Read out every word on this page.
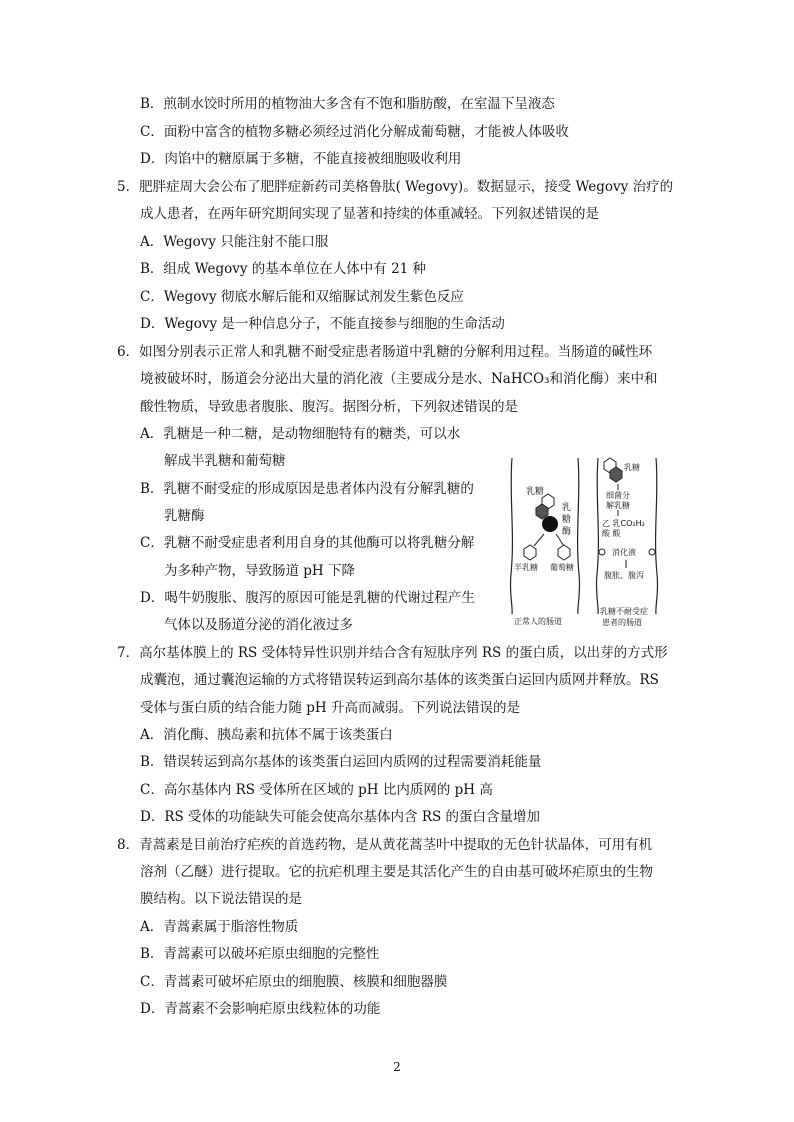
B．煎制水饺时所用的植物油大多含有不饱和脂肪酸，在室温下呈液态
C．面粉中富含的植物多糖必须经过消化分解成葡萄糖，才能被人体吸收
D．肉馅中的糖原属于多糖，不能直接被细胞吸收利用
5．肥胖症周大会公布了肥胖症新药司美格鲁肽( Wegovy)。数据显示，接受 Wegovy 治疗的
成人患者，在两年研究期间实现了显著和持续的体重减轻。下列叙述错误的是
A．Wegovy 只能注射不能口服
B．组成 Wegovy 的基本单位在人体中有 21 种
C．Wegovy 彻底水解后能和双缩脲试剂发生紫色反应
D．Wegovy 是一种信息分子，不能直接参与细胞的生命活动
6．如图分别表示正常人和乳糖不耐受症患者肠道中乳糖的分解利用过程。当肠道的碱性环
境被破坏时，肠道会分泌出大量的消化液（主要成分是水、NaHCO₃和消化酶）来中和
酸性物质，导致患者腹胀、腹泻。据图分析，下列叙述错误的是
A．乳糖是一种二糖，是动物细胞特有的糖类，可以水
解成半乳糖和葡萄糖
B．乳糖不耐受症的形成原因是患者体内没有分解乳糖的
乳糖酶
C．乳糖不耐受症患者利用自身的其他酶可以将乳糖分解
为多种产物，导致肠道 pH 下降
D．喝牛奶腹胀、腹泻的原因可能是乳糖的代谢过程产生
气体以及肠道分泌的消化液过多
乳糖
乳
糖
酶
半乳糖 葡萄糖
正常人的肠道
乳糖
细菌分
解乳糖
乙 乳CO₂H₂
酸 酸
消化液
腹胀、腹泻
乳糖不耐受症
患者的肠道
7．高尔基体膜上的 RS 受体特异性识别并结合含有短肽序列 RS 的蛋白质，以出芽的方式形
成囊泡，通过囊泡运输的方式将错误转运到高尔基体的该类蛋白运回内质网并释放。RS
受体与蛋白质的结合能力随 pH 升高而减弱。下列说法错误的是
A．消化酶、胰岛素和抗体不属于该类蛋白
B．错误转运到高尔基体的该类蛋白运回内质网的过程需要消耗能量
C．高尔基体内 RS 受体所在区域的 pH 比内质网的 pH 高
D．RS 受体的功能缺失可能会使高尔基体内含 RS 的蛋白含量增加
8．青蒿素是目前治疗疟疾的首选药物，是从黄花蒿茎叶中提取的无色针状晶体，可用有机
溶剂（乙醚）进行提取。它的抗疟机理主要是其活化产生的自由基可破坏疟原虫的生物
膜结构。以下说法错误的是
A．青蒿素属于脂溶性物质
B．青蒿素可以破坏疟原虫细胞的完整性
C．青蒿素可破坏疟原虫的细胞膜、核膜和细胞器膜
D．青蒿素不会影响疟原虫线粒体的功能
2
